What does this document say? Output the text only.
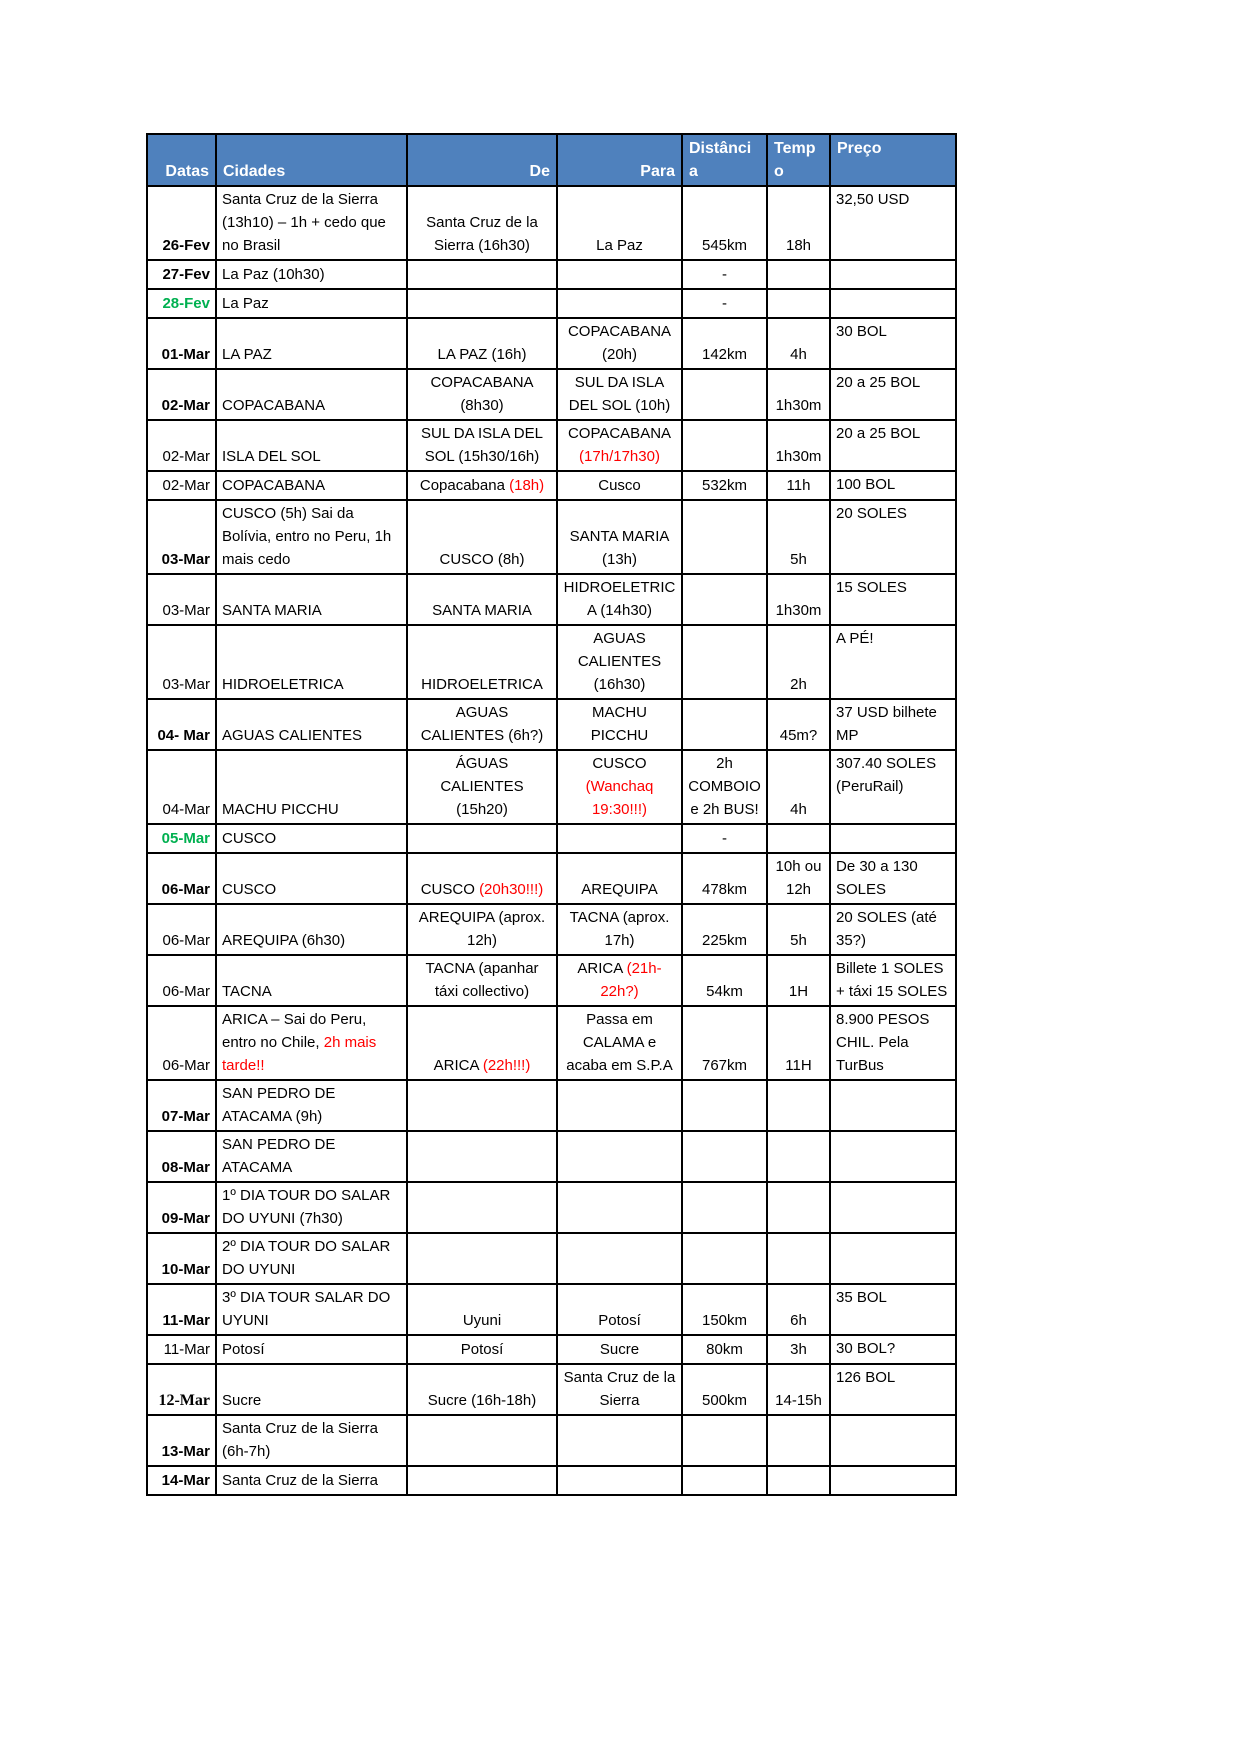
Datas	Cidades	De	Para	Distância	Tempo	Preço
26-Fev	Santa Cruz de la Sierra (13h10) – 1h + cedo que no Brasil	Santa Cruz de la Sierra (16h30)	La Paz	545km	18h	32,50 USD
27-Fev	La Paz (10h30)			-		
28-Fev	La Paz			-		
01-Mar	LA PAZ	LA PAZ (16h)	COPACABANA (20h)	142km	4h	30 BOL
02-Mar	COPACABANA	COPACABANA (8h30)	SUL DA ISLA DEL SOL (10h)		1h30m	20 a 25 BOL
02-Mar	ISLA DEL SOL	SUL DA ISLA DEL SOL (15h30/16h)	COPACABANA (17h/17h30)		1h30m	20 a 25 BOL
02-Mar	COPACABANA	Copacabana (18h)	Cusco	532km	11h	100 BOL
03-Mar	CUSCO (5h) Sai da Bolívia, entro no Peru, 1h mais cedo	CUSCO (8h)	SANTA MARIA (13h)		5h	20 SOLES
03-Mar	SANTA MARIA	SANTA MARIA	HIDROELETRICA (14h30)		1h30m	15 SOLES
03-Mar	HIDROELETRICA	HIDROELETRICA	AGUAS CALIENTES (16h30)		2h	A PÉ!
04- Mar	AGUAS CALIENTES	AGUAS CALIENTES (6h?)	MACHU PICCHU		45m?	37 USD bilhete MP
04-Mar	MACHU PICCHU	ÁGUAS CALIENTES (15h20)	CUSCO (Wanchaq 19:30!!!)	2h COMBOIO e 2h BUS!	4h	307.40 SOLES (PeruRail)
05-Mar	CUSCO			-		
06-Mar	CUSCO	CUSCO (20h30!!!)	AREQUIPA	478km	10h ou 12h	De 30 a 130 SOLES
06-Mar	AREQUIPA (6h30)	AREQUIPA (aprox. 12h)	TACNA (aprox. 17h)	225km	5h	20 SOLES (até 35?)
06-Mar	TACNA	TACNA (apanhar táxi collectivo)	ARICA (21h-22h?)	54km	1H	Billete 1 SOLES + táxi 15 SOLES
06-Mar	ARICA – Sai do Peru, entro no Chile, 2h mais tarde!!	ARICA (22h!!!)	Passa em CALAMA e acaba em S.P.A	767km	11H	8.900 PESOS CHIL. Pela TurBus
07-Mar	SAN PEDRO DE ATACAMA (9h)					
08-Mar	SAN PEDRO DE ATACAMA					
09-Mar	1º DIA TOUR DO SALAR DO UYUNI (7h30)					
10-Mar	2º DIA TOUR DO SALAR DO UYUNI					
11-Mar	3º DIA TOUR SALAR DO UYUNI	Uyuni	Potosí	150km	6h	35 BOL
11-Mar	Potosí	Potosí	Sucre	80km	3h	30 BOL?
12-Mar	Sucre	Sucre (16h-18h)	Santa Cruz de la Sierra	500km	14-15h	126 BOL
13-Mar	Santa Cruz de la Sierra (6h-7h)					
14-Mar	Santa Cruz de la Sierra					
